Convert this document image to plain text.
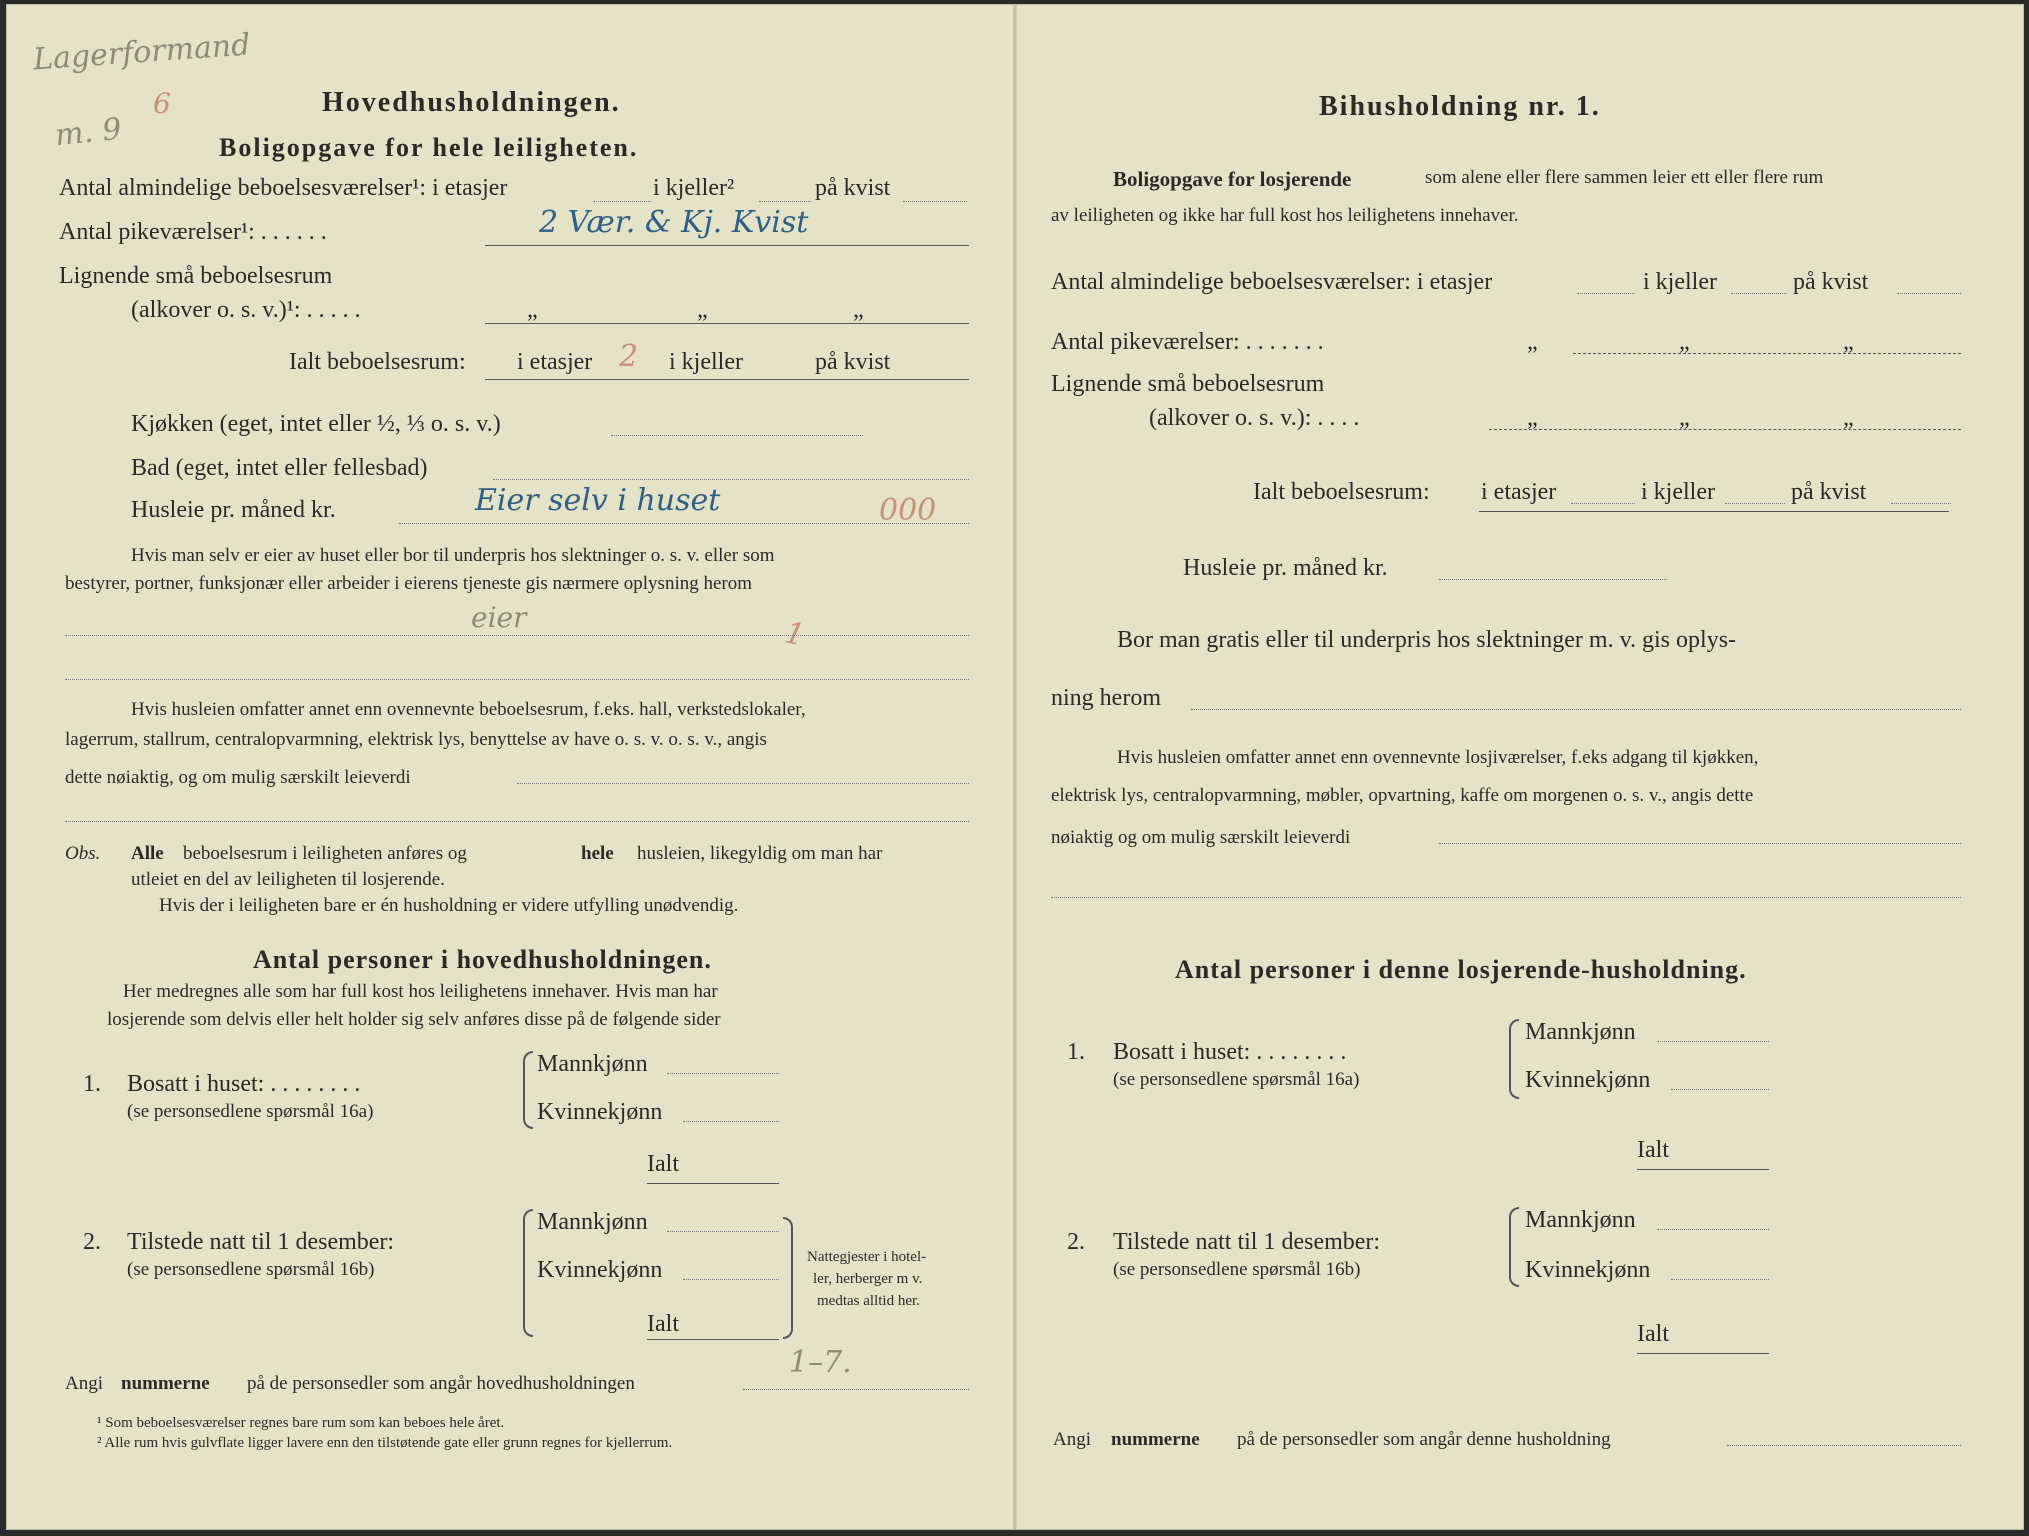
Lagerformand
m. 9
6	Hovedhusholdningen.
Boligopgave for hele leiligheten.
Antal almindelige beboelsesværelser¹: i etasjer	i kjeller²	på kvist
Antal pikeværelser¹: . . . . . .	2 Vær. & Kj. Kvist
Lignende små beboelsesrum
(alkover o. s. v.)¹: . . . . .	„	„	„
Ialt beboelsesrum: i etasjer 2 i kjeller	på kvist
Kjøkken (eget, intet eller ½, ⅓ o. s. v.)
Bad (eget, intet eller fellesbad)
Husleie pr. måned kr.	Eier selv i huset	000
Hvis man selv er eier av huset eller bor til underpris hos slektninger o. s. v. eller som
bestyrer, portner, funksjonær eller arbeider i eierens tjeneste gis nærmere oplysning herom
eier	1
Hvis husleien omfatter annet enn ovennevnte beboelsesrum, f.eks. hall, verkstedslokaler,
lagerrum, stallrum, centralopvarmning, elektrisk lys, benyttelse av have o. s. v. o. s. v., angis
dette nøiaktig, og om mulig særskilt leieverdi
Obs. Alle beboelsesrum i leiligheten anføres og	hele husleien, likegyldig om man har
utleiet en del av leiligheten til losjerende.
Hvis der i leiligheten bare er én husholdning er videre utfylling unødvendig.
Antal personer i hovedhusholdningen.
Her medregnes alle som har full kost hos leilighetens innehaver. Hvis man har
losjerende som delvis eller helt holder sig selv anføres disse på de følgende sider
1. Bosatt i huset: . . . . . . . .
(se personsedlene spørsmål 16a)
Mannkjønn
Kvinnekjønn
Ialt
2. Tilstede natt til 1 desember:
(se personsedlene spørsmål 16b)
Mannkjønn
Kvinnekjønn
Ialt
Nattegjester i hotel-
ler, herberger m v.
medtas alltid her.
Angi nummerne på de personsedler som angår hovedhusholdningen
1–7.
¹ Som beboelsesværelser regnes bare rum som kan beboes hele året.
² Alle rum hvis gulvflate ligger lavere enn den tilstøtende gate eller grunn regnes for kjellerrum.
Bihusholdning nr. 1.
Boligopgave for losjerende	som alene eller flere sammen leier ett eller flere rum
av leiligheten og ikke har full kost hos leilighetens innehaver.
Antal almindelige beboelsesværelser: i etasjer	i kjeller	på kvist
Antal pikeværelser: . . . . . . .	„	„	„
Lignende små beboelsesrum
(alkover o. s. v.): . . . .	„	„	„
Ialt beboelsesrum: i etasjer	i kjeller	på kvist
Husleie pr. måned kr.
Bor man gratis eller til underpris hos slektninger m. v. gis oplys-
ning herom
Hvis husleien omfatter annet enn ovennevnte losjiværelser, f.eks adgang til kjøkken,
elektrisk lys, centralopvarmning, møbler, opvartning, kaffe om morgenen o. s. v., angis dette
nøiaktig og om mulig særskilt leieverdi
Antal personer i denne losjerende-husholdning.
1. Bosatt i huset: . . . . . . . .
(se personsedlene spørsmål 16a)
Mannkjønn
Kvinnekjønn
Ialt
2. Tilstede natt til 1 desember:
(se personsedlene spørsmål 16b)
Mannkjønn
Kvinnekjønn
Ialt
Angi nummerne på de personsedler som angår denne husholdning
